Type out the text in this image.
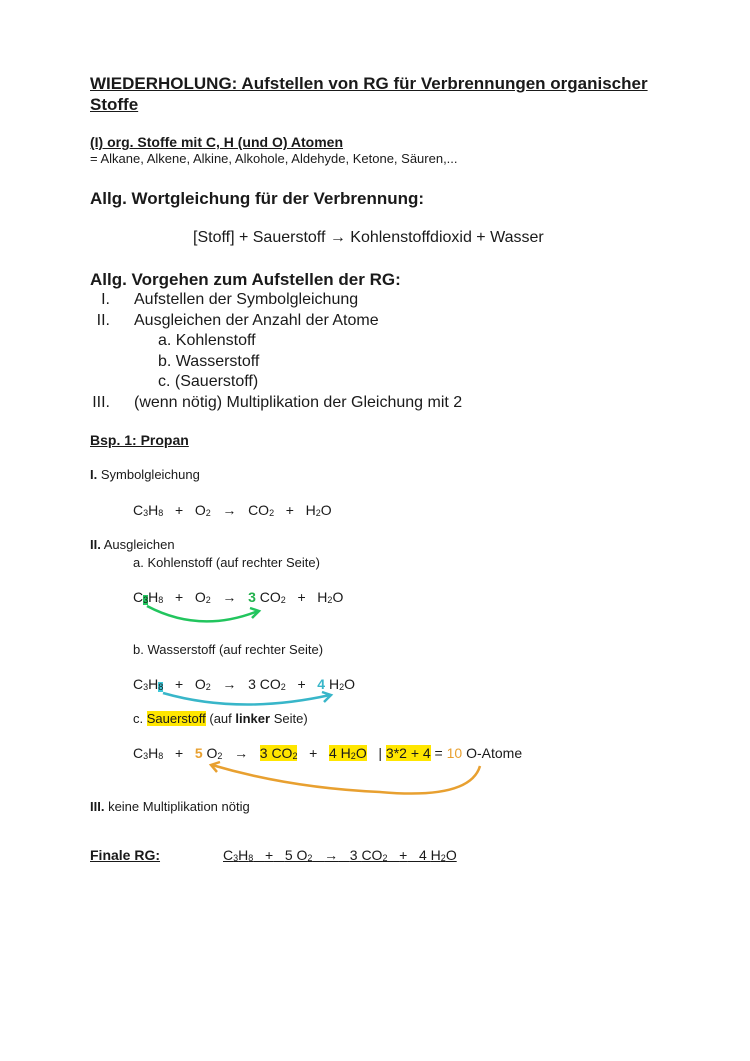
WIEDERHOLUNG: Aufstellen von RG für Verbrennungen organischer Stoffe
(I) org. Stoffe mit C, H (und O) Atomen
= Alkane, Alkene, Alkine, Alkohole, Aldehyde, Ketone, Säuren,...
Allg. Wortgleichung für der Verbrennung:
[Stoff] + Sauerstoff → Kohlenstoffdioxid + Wasser
Allg. Vorgehen zum Aufstellen der RG:
I. Aufstellen der Symbolgleichung
II. Ausgleichen der Anzahl der Atome
a. Kohlenstoff
b. Wasserstoff
c. (Sauerstoff)
III. (wenn nötig) Multiplikation der Gleichung mit 2
Bsp. 1: Propan
I. Symbolgleichung
$C_3H_8 + O_2 \to CO_2 + H_2O$
II. Ausgleichen
a. Kohlenstoff (auf rechter Seite)
$C_3H_8 + O_2 \to 3$ $CO_2 + H_2O$
b. Wasserstoff (auf rechter Seite)
$C_3H_8 + O_2 \to 3$ $CO_2 + 4$ $H_2O$
c. Sauerstoff (auf linker Seite)
$C_3H_8 + 5$ $O_2 \to 3$ $CO_2 + 4$ $H_2O$ | 3*2 + 4 = 10 O-Atome
III. keine Multiplikation nötig
Finale RG:	$C_3H_8 + 5$ $O_2 \to 3$ $CO_2 + 4$ $H_2O$
